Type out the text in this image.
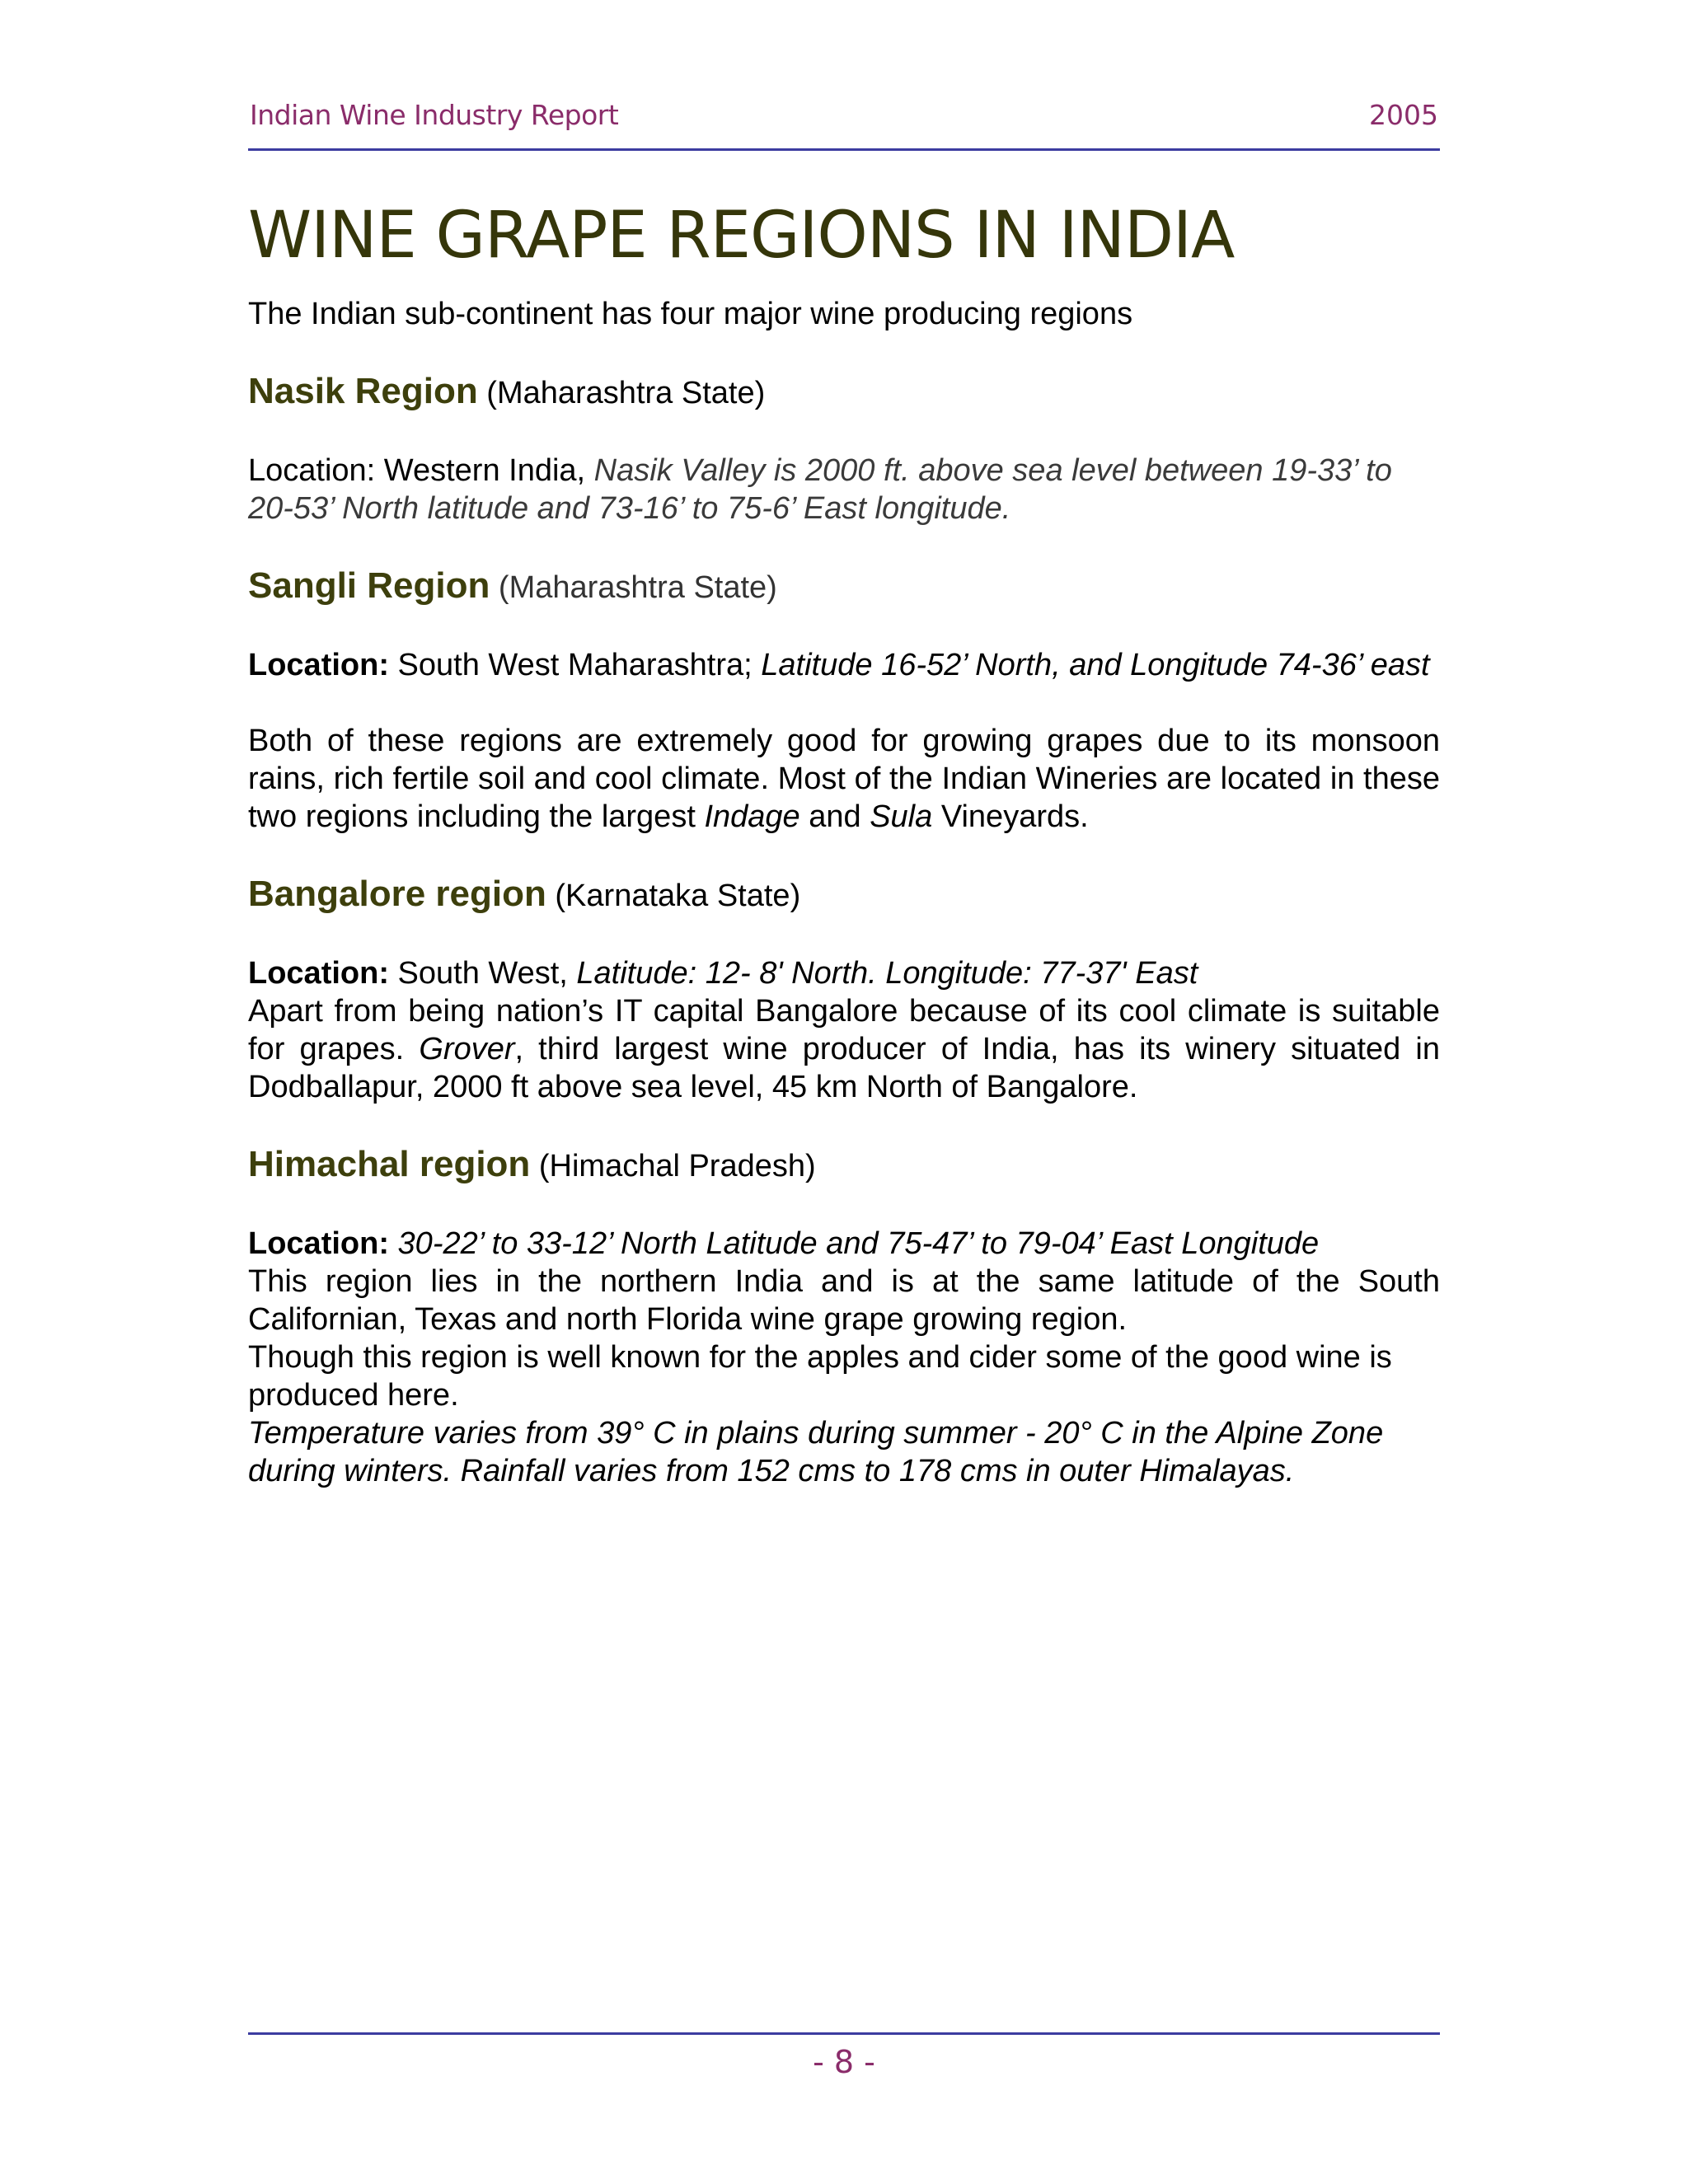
Indian Wine Industry Report	2005
WINE GRAPE REGIONS IN INDIA

The Indian sub-continent has four major wine producing regions

Nasik Region (Maharashtra State)

Location: Western India, Nasik Valley is 2000 ft. above sea level between 19-33’ to 20-53’ North latitude and 73-16’ to 75-6’ East longitude.

Sangli Region (Maharashtra State)

Location: South West Maharashtra; Latitude 16-52’ North, and Longitude 74-36’ east

Both of these regions are extremely good for growing grapes due to its monsoon rains, rich fertile soil and cool climate. Most of the Indian Wineries are located in these two regions including the largest Indage and Sula Vineyards.

Bangalore region (Karnataka State)

Location: South West, Latitude: 12- 8' North. Longitude: 77-37' East

Apart from being nation’s IT capital Bangalore because of its cool climate is suitable for grapes. Grover, third largest wine producer of India, has its winery situated in Dodballapur, 2000 ft above sea level, 45 km North of Bangalore.

Himachal region (Himachal Pradesh)

Location: 30-22’ to 33-12’ North Latitude and 75-47’ to 79-04’ East Longitude

This region lies in the northern India and is at the same latitude of the South Californian, Texas and north Florida wine grape growing region.

Though this region is well known for the apples and cider some of the good wine is produced here.

Temperature varies from 39° C in plains during summer - 20° C in the Alpine Zone during winters. Rainfall varies from 152 cms to 178 cms in outer Himalayas.

- 8 -
